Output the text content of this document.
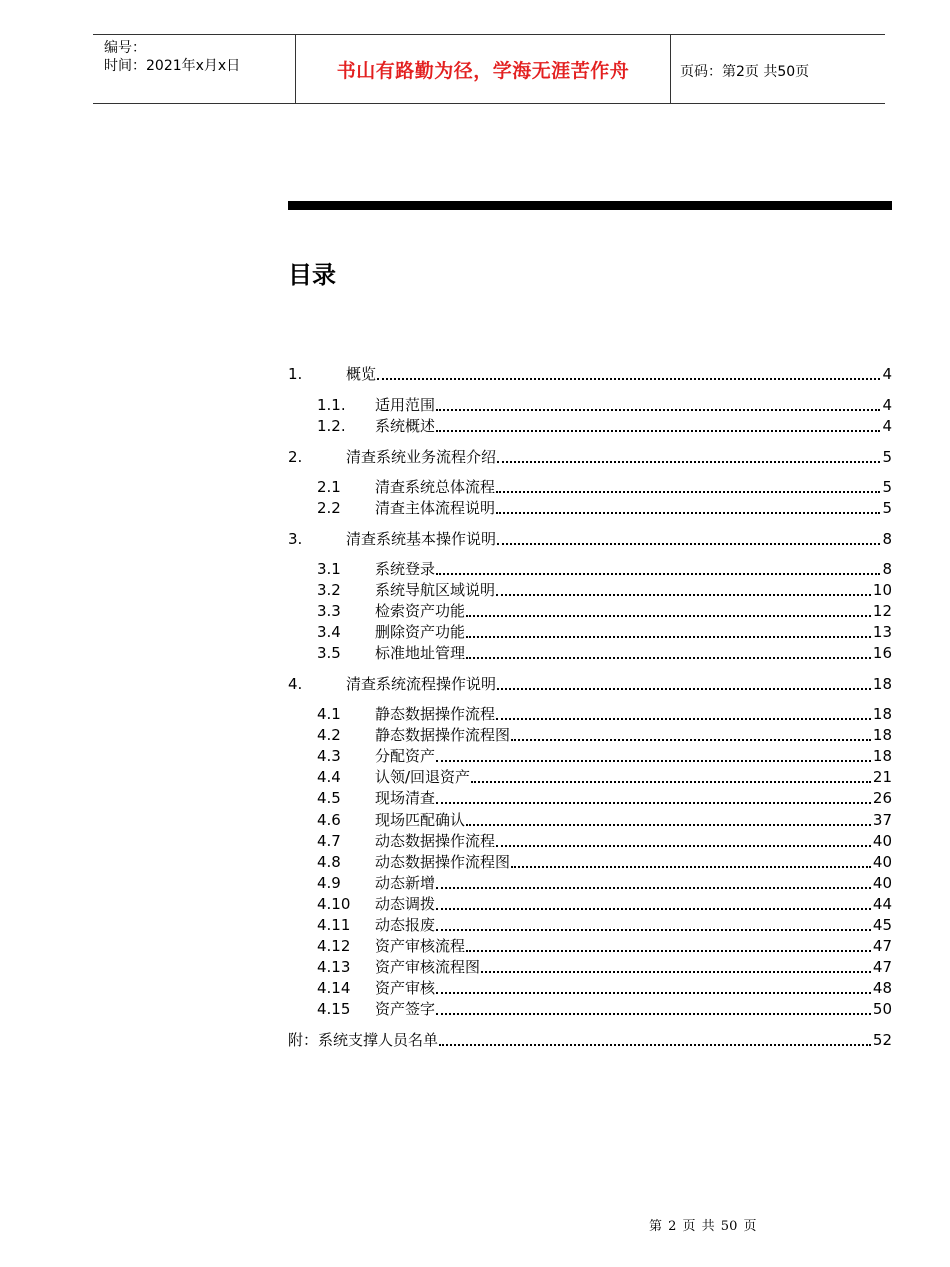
编号：
时间：2021年x月x日	书山有路勤为径，学海无涯苦作舟	页码：第2页 共50页
目录
1.	概览	4
1.1.	适用范围	4
1.2.	系统概述	4
2.	清查系统业务流程介绍	5
2.1	清查系统总体流程	5
2.2	清查主体流程说明	5
3.	清查系统基本操作说明	8
3.1	系统登录	8
3.2	系统导航区域说明	10
3.3	检索资产功能	12
3.4	删除资产功能	13
3.5	标准地址管理	16
4.	清查系统流程操作说明	18
4.1	静态数据操作流程	18
4.2	静态数据操作流程图	18
4.3	分配资产	18
4.4	认领/回退资产	21
4.5	现场清查	26
4.6	现场匹配确认	37
4.7	动态数据操作流程	40
4.8	动态数据操作流程图	40
4.9	动态新增	40
4.10	动态调拨	44
4.11	动态报废	45
4.12	资产审核流程	47
4.13	资产审核流程图	47
4.14	资产审核	48
4.15	资产签字	50
附：系统支撑人员名单	52
第 2 页 共 50 页
